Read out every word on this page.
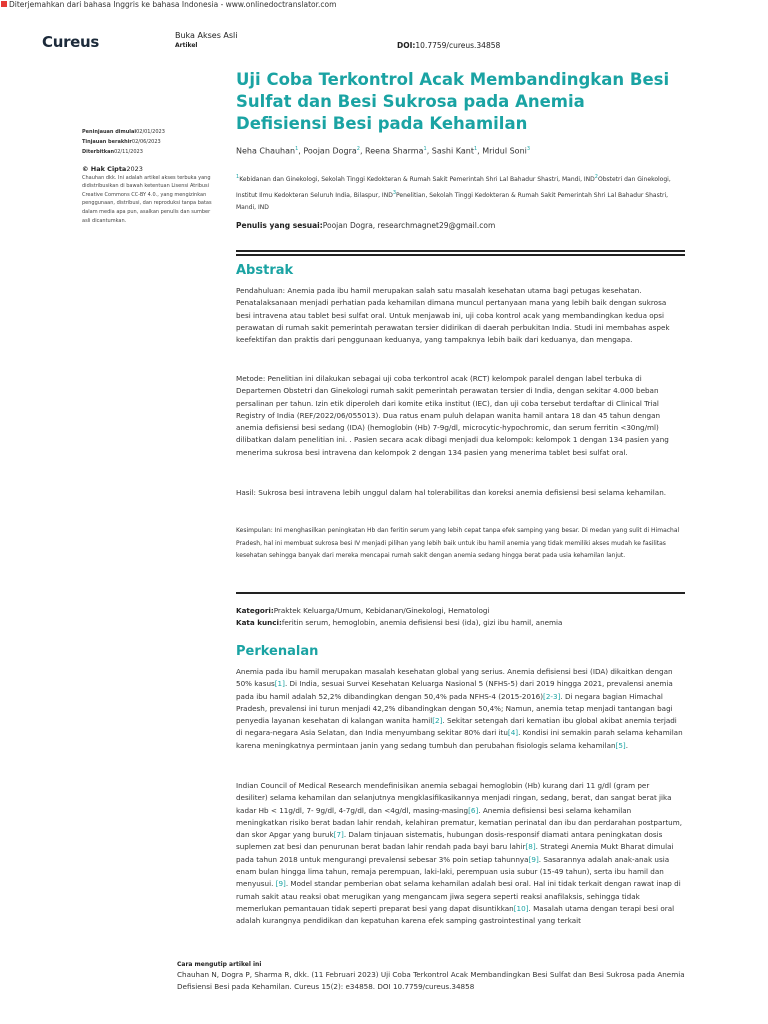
Diterjemahkan dari bahasa Inggris ke bahasa Indonesia - www.onlinedoctranslator.com
Cureus	Buka Akses Asli
Artikel	DOI:10.7759/cureus.34858
Uji Coba Terkontrol Acak Membandingkan Besi Sulfat dan Besi Sukrosa pada Anemia Defisiensi Besi pada Kehamilan
Peninjauan dimulai02/01/2023
Tinjauan berakhir02/06/2023
Diterbitkan02/11/2023
© Hak Cipta2023
Chauhan dkk. Ini adalah artikel akses terbuka yang didistribusikan di bawah ketentuan Lisensi Atribusi Creative Commons CC-BY 4.0., yang mengizinkan penggunaan, distribusi, dan reproduksi tanpa batas dalam media apa pun, asalkan penulis dan sumber asli dicantumkan.
Neha Chauhan$^1$, Poojan Dogra$^2$, Reena Sharma$^1$, Sashi Kant$^1$, Mridul Soni$^3$
$^1$Kebidanan dan Ginekologi, Sekolah Tinggi Kedokteran & Rumah Sakit Pemerintah Shri Lal Bahadur Shastri, Mandi, IND$^2$Obstetri dan Ginekologi, Institut Ilmu Kedokteran Seluruh India, Bilaspur, IND$^3$Penelitian, Sekolah Tinggi Kedokteran & Rumah Sakit Pemerintah Shri Lal Bahadur Shastri, Mandi, IND
Penulis yang sesuai:Poojan Dogra, researchmagnet29@gmail.com
Abstrak

Pendahuluan: Anemia pada ibu hamil merupakan salah satu masalah kesehatan utama bagi petugas kesehatan. Penatalaksanaan menjadi perhatian pada kehamilan dimana muncul pertanyaan mana yang lebih baik dengan sukrosa besi intravena atau tablet besi sulfat oral. Untuk menjawab ini, uji coba kontrol acak yang membandingkan kedua opsi perawatan di rumah sakit pemerintah perawatan tersier didirikan di daerah perbukitan India. Studi ini membahas aspek keefektifan dan praktis dari penggunaan keduanya, yang tampaknya lebih baik dari keduanya, dan mengapa.

Metode: Penelitian ini dilakukan sebagai uji coba terkontrol acak (RCT) kelompok paralel dengan label terbuka di Departemen Obstetri dan Ginekologi rumah sakit pemerintah perawatan tersier di India, dengan sekitar 4.000 beban persalinan per tahun. Izin etik diperoleh dari komite etika institut (IEC), dan uji coba tersebut terdaftar di Clinical Trial Registry of India (REF/2022/06/055013). Dua ratus enam puluh delapan wanita hamil antara 18 dan 45 tahun dengan anemia defisiensi besi sedang (IDA) (hemoglobin (Hb) 7-9g/dl, microcytic-hypochromic, dan serum ferritin <30ng/ml) dilibatkan dalam penelitian ini. . Pasien secara acak dibagi menjadi dua kelompok: kelompok 1 dengan 134 pasien yang menerima sukrosa besi intravena dan kelompok 2 dengan 134 pasien yang menerima tablet besi sulfat oral.

Hasil: Sukrosa besi intravena lebih unggul dalam hal tolerabilitas dan koreksi anemia defisiensi besi selama kehamilan.

Kesimpulan: Ini menghasilkan peningkatan Hb dan feritin serum yang lebih cepat tanpa efek samping yang besar. Di medan yang sulit di Himachal Pradesh, hal ini membuat sukrosa besi IV menjadi pilihan yang lebih baik untuk ibu hamil anemia yang tidak memiliki akses mudah ke fasilitas kesehatan sehingga banyak dari mereka mencapai rumah sakit dengan anemia sedang hingga berat pada usia kehamilan lanjut.

Kategori:Praktek Keluarga/Umum, Kebidanan/Ginekologi, Hematologi
Kata kunci:feritin serum, hemoglobin, anemia defisiensi besi (ida), gizi ibu hamil, anemia
Perkenalan

Anemia pada ibu hamil merupakan masalah kesehatan global yang serius. Anemia defisiensi besi (IDA) dikaitkan dengan 50% kasus[1]. Di India, sesuai Survei Kesehatan Keluarga Nasional 5 (NFHS-5) dari 2019 hingga 2021, prevalensi anemia pada ibu hamil adalah 52,2% dibandingkan dengan 50,4% pada NFHS-4 (2015-2016)[2-3]. Di negara bagian Himachal Pradesh, prevalensi ini turun menjadi 42,2% dibandingkan dengan 50,4%; Namun, anemia tetap menjadi tantangan bagi penyedia layanan kesehatan di kalangan wanita hamil[2]. Sekitar setengah dari kematian ibu global akibat anemia terjadi di negara-negara Asia Selatan, dan India menyumbang sekitar 80% dari itu[4]. Kondisi ini semakin parah selama kehamilan karena meningkatnya permintaan janin yang sedang tumbuh dan perubahan fisiologis selama kehamilan[5].

Indian Council of Medical Research mendefinisikan anemia sebagai hemoglobin (Hb) kurang dari 11 g/dl (gram per desiliter) selama kehamilan dan selanjutnya mengklasifikasikannya menjadi ringan, sedang, berat, dan sangat berat jika kadar Hb < 11g/dl, 7- 9g/dl, 4-7g/dl, dan <4g/dl, masing-masing[6]. Anemia defisiensi besi selama kehamilan meningkatkan risiko berat badan lahir rendah, kelahiran prematur, kematian perinatal dan ibu dan perdarahan postpartum, dan skor Apgar yang buruk[7]. Dalam tinjauan sistematis, hubungan dosis-responsif diamati antara peningkatan dosis suplemen zat besi dan penurunan berat badan lahir rendah pada bayi baru lahir[8]. Strategi Anemia Mukt Bharat dimulai pada tahun 2018 untuk mengurangi prevalensi sebesar 3% poin setiap tahunnya[9]. Sasarannya adalah anak-anak usia enam bulan hingga lima tahun, remaja perempuan, laki-laki, perempuan usia subur (15-49 tahun), serta ibu hamil dan menyusui. [9]. Model standar pemberian obat selama kehamilan adalah besi oral. Hal ini tidak terkait dengan rawat inap di rumah sakit atau reaksi obat merugikan yang mengancam jiwa segera seperti reaksi anafilaksis, sehingga tidak memerlukan pemantauan tidak seperti preparat besi yang dapat disuntikkan[10]. Masalah utama dengan terapi besi oral adalah kurangnya pendidikan dan kepatuhan karena efek samping gastrointestinal yang terkait

Cara mengutip artikel ini
Chauhan N, Dogra P, Sharma R, dkk. (11 Februari 2023) Uji Coba Terkontrol Acak Membandingkan Besi Sulfat dan Besi Sukrosa pada Anemia Defisiensi Besi pada Kehamilan. Cureus 15(2): e34858. DOI 10.7759/cureus.34858
